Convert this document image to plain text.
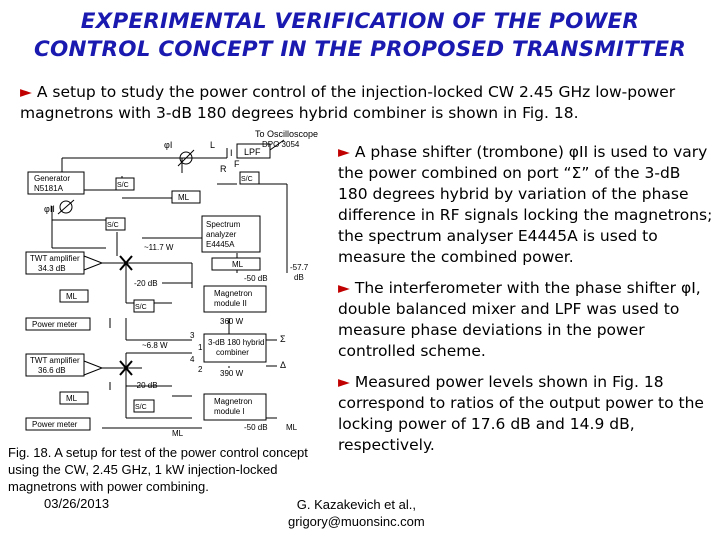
EXPERIMENTAL VERIFICATION OF THE POWER
CONTROL CONCEPT IN THE PROPOSED TRANSMITTER
► A setup to study the power control of the injection-locked CW 2.45 GHz low-power magnetrons with 3-dB 180 degrees hybrid combiner is shown in Fig. 18.

► A phase shifter (trombone) φII is used to vary the power combined on port “Σ” of the 3-dB 180 degrees hybrid by variation of the phase difference in RF signals locking the magnetrons; the spectrum analyser E4445A is used to measure the combined power.

► The interferometer with the phase shifter φI, double balanced mixer and LPF was used to measure phase deviations in the power controlled scheme.

► Measured power levels shown in Fig. 18 correspond to ratios of the output power to the locking power of 17.6 dB and 14.9 dB, respectively.

φI
LPF
To Oscilloscope
DPO 3054
L
R
I
F
Generator
N5181A	S/C
S/C
ML
φII
S/C	Spectrum
analyzer
E4445A
~11.7 W
TWT amplifier
34.3 dB	ML
-50 dB
-57.7
dB
-20 dB
ML
S/C
Magnetron
module II
360 W
Power meter
~6.8 W
3
4
1
2
3-dB 180 hybrid
combiner
Σ
Δ
390 W
TWT amplifier
36.6 dB
-20 dB
ML
S/C
Magnetron
module I
-50 dB ML
Power meter
ML
Fig. 18. A setup for test of the power control concept using the CW, 2.45 GHz, 1 kW injection-locked magnetrons with power combining.
03/26/2013	G. Kazakevich et al.,
grigory@muonsinc.com
